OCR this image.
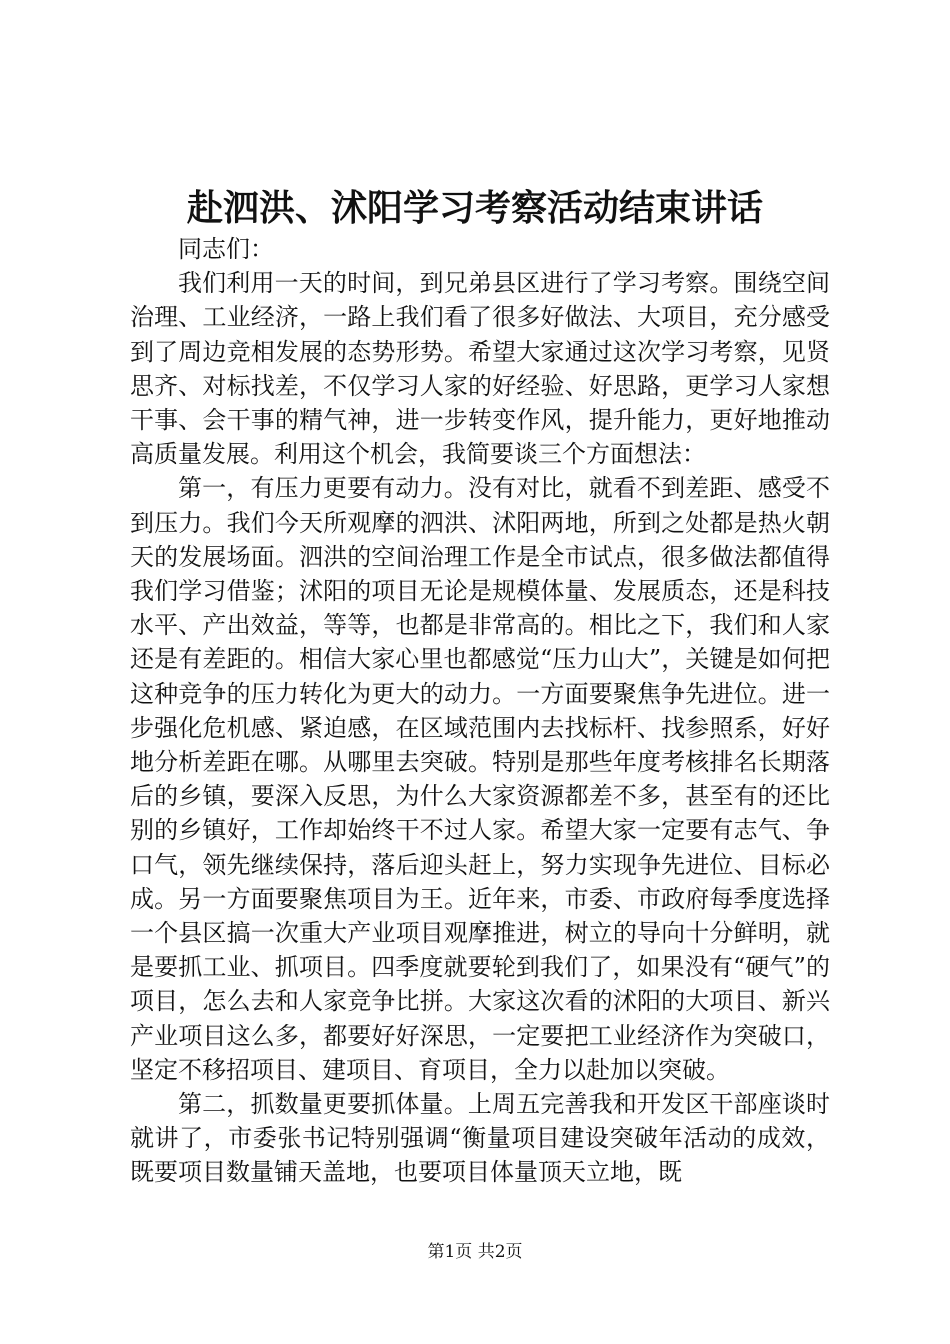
赴泗洪、沭阳学习考察活动结束讲话

同志们：

我们利用一天的时间，到兄弟县区进行了学习考察。围绕空间治理、工业经济，一路上我们看了很多好做法、大项目，充分感受到了周边竞相发展的态势形势。希望大家通过这次学习考察，见贤思齐、对标找差，不仅学习人家的好经验、好思路，更学习人家想干事、会干事的精气神，进一步转变作风，提升能力，更好地推动高质量发展。利用这个机会，我简要谈三个方面想法：

第一，有压力更要有动力。没有对比，就看不到差距、感受不到压力。我们今天所观摩的泗洪、沭阳两地，所到之处都是热火朝天的发展场面。泗洪的空间治理工作是全市试点，很多做法都值得我们学习借鉴；沭阳的项目无论是规模体量、发展质态，还是科技水平、产出效益，等等，也都是非常高的。相比之下，我们和人家还是有差距的。相信大家心里也都感觉“压力山大”，关键是如何把这种竞争的压力转化为更大的动力。一方面要聚焦争先进位。进一步强化危机感、紧迫感，在区域范围内去找标杆、找参照系，好好地分析差距在哪。从哪里去突破。特别是那些年度考核排名长期落后的乡镇，要深入反思，为什么大家资源都差不多，甚至有的还比别的乡镇好，工作却始终干不过人家。希望大家一定要有志气、争口气，领先继续保持，落后迎头赶上，努力实现争先进位、目标必成。另一方面要聚焦项目为王。近年来，市委、市政府每季度选择一个县区搞一次重大产业项目观摩推进，树立的导向十分鲜明，就是要抓工业、抓项目。四季度就要轮到我们了，如果没有“硬气”的项目，怎么去和人家竞争比拼。大家这次看的沭阳的大项目、新兴产业项目这么多，都要好好深思，一定要把工业经济作为突破口，坚定不移招项目、建项目、育项目，全力以赴加以突破。

第二，抓数量更要抓体量。上周五完善我和开发区干部座谈时就讲了，市委张书记特别强调“衡量项目建设突破年活动的成效，既要项目数量铺天盖地，也要项目体量顶天立地，既

第1页 共2页
